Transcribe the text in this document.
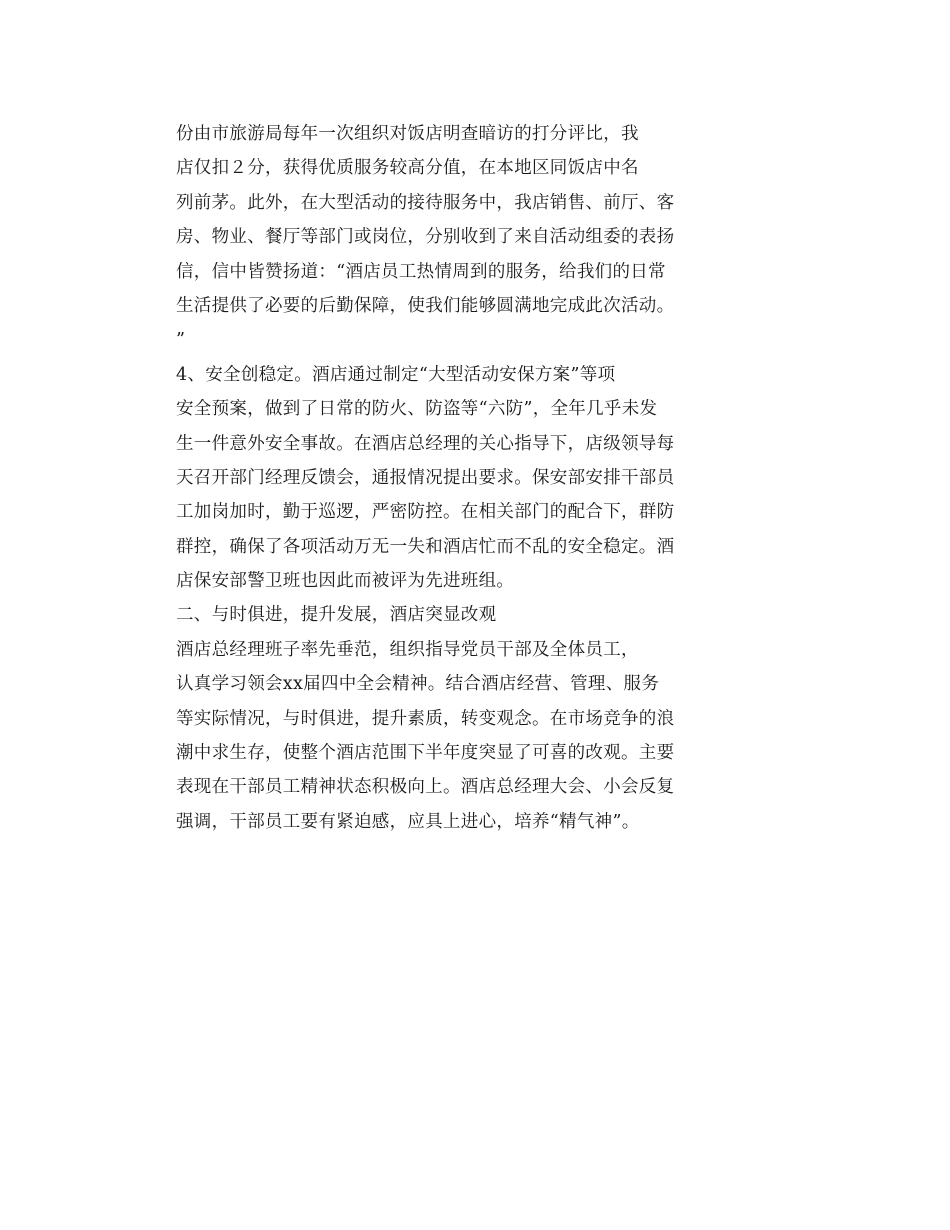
份由市旅游局每年一次组织对饭店明查暗访的打分评比，我
店仅扣２分，获得优质服务较高分值，在本地区同饭店中名
列前茅。此外，在大型活动的接待服务中，我店销售、前厅、客
房、物业、餐厅等部门或岗位，分别收到了来自活动组委的表扬
信，信中皆赞扬道：“酒店员工热情周到的服务，给我们的日常
生活提供了必要的后勤保障，使我们能够圆满地完成此次活动。
”
4、安全创稳定。酒店通过制定“大型活动安保方案”等项
安全预案，做到了日常的防火、防盗等“六防”，全年几乎未发
生一件意外安全事故。在酒店总经理的关心指导下，店级领导每
天召开部门经理反馈会，通报情况提出要求。保安部安排干部员
工加岗加时，勤于巡逻，严密防控。在相关部门的配合下，群防
群控，确保了各项活动万无一失和酒店忙而不乱的安全稳定。酒
店保安部警卫班也因此而被评为先进班组。
二、与时俱进，提升发展，酒店突显改观
酒店总经理班子率先垂范，组织指导党员干部及全体员工，
认真学习领会xx届四中全会精神。结合酒店经营、管理、服务
等实际情况，与时俱进，提升素质，转变观念。在市场竞争的浪
潮中求生存，使整个酒店范围下半年度突显了可喜的改观。主要
表现在干部员工精神状态积极向上。酒店总经理大会、小会反复
强调，干部员工要有紧迫感，应具上进心，培养“精气神”。
